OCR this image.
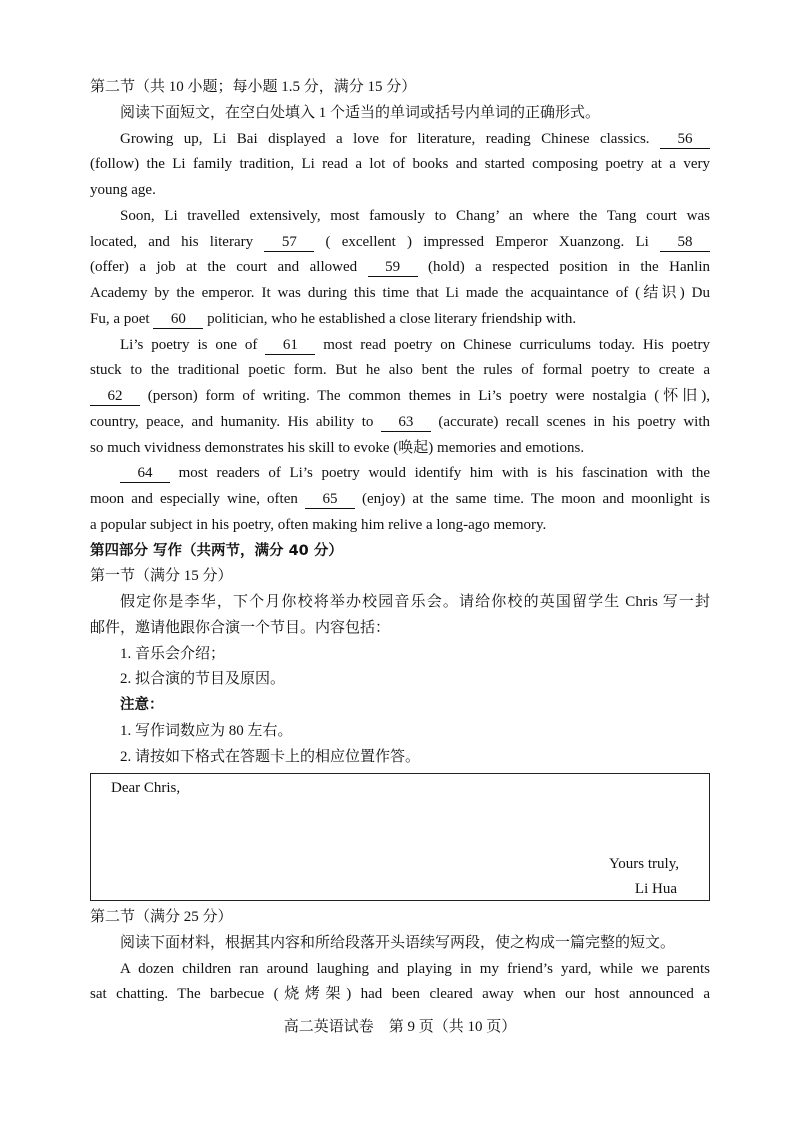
第二节（共 10 小题；每小题 1.5 分，满分 15 分）
阅读下面短文，在空白处填入 1 个适当的单词或括号内单词的正确形式。
Growing up, Li Bai displayed a love for literature, reading Chinese classics. 56
(follow) the Li family tradition, Li read a lot of books and started composing poetry at a very
young age.
Soon, Li travelled extensively, most famously to Chang’ an where the Tang court was
located, and his literary 57 ( excellent ) impressed Emperor Xuanzong. Li 58
(offer) a job at the court and allowed 59 (hold) a respected position in the Hanlin
Academy by the emperor. It was during this time that Li made the acquaintance of (结识) Du
Fu, a poet 60 politician, who he established a close literary friendship with.
Li’s poetry is one of 61 most read poetry on Chinese curriculums today. His poetry
stuck to the traditional poetic form. But he also bent the rules of formal poetry to create a
62 (person) form of writing. The common themes in Li’s poetry were nostalgia (怀旧),
country, peace, and humanity. His ability to 63 (accurate) recall scenes in his poetry with
so much vividness demonstrates his skill to evoke (唤起) memories and emotions.
64 most readers of Li’s poetry would identify him with is his fascination with the
moon and especially wine, often 65 (enjoy) at the same time. The moon and moonlight is
a popular subject in his poetry, often making him relive a long-ago memory.
第四部分 写作（共两节，满分 40 分）
第一节（满分 15 分）
假定你是李华，下个月你校将举办校园音乐会。请给你校的英国留学生 Chris 写一封
邮件，邀请他跟你合演一个节目。内容包括：
1. 音乐会介绍；
2. 拟合演的节目及原因。
注意：
1. 写作词数应为 80 左右。
2. 请按如下格式在答题卡上的相应位置作答。
Dear Chris,
Yours truly,
Li Hua
第二节（满分 25 分）
阅读下面材料，根据其内容和所给段落开头语续写两段，使之构成一篇完整的短文。
A dozen children ran around laughing and playing in my friend’s yard, while we parents
sat chatting. The barbecue (烧烤架) had been cleared away when our host announced a
高二英语试卷　第 9 页（共 10 页）
